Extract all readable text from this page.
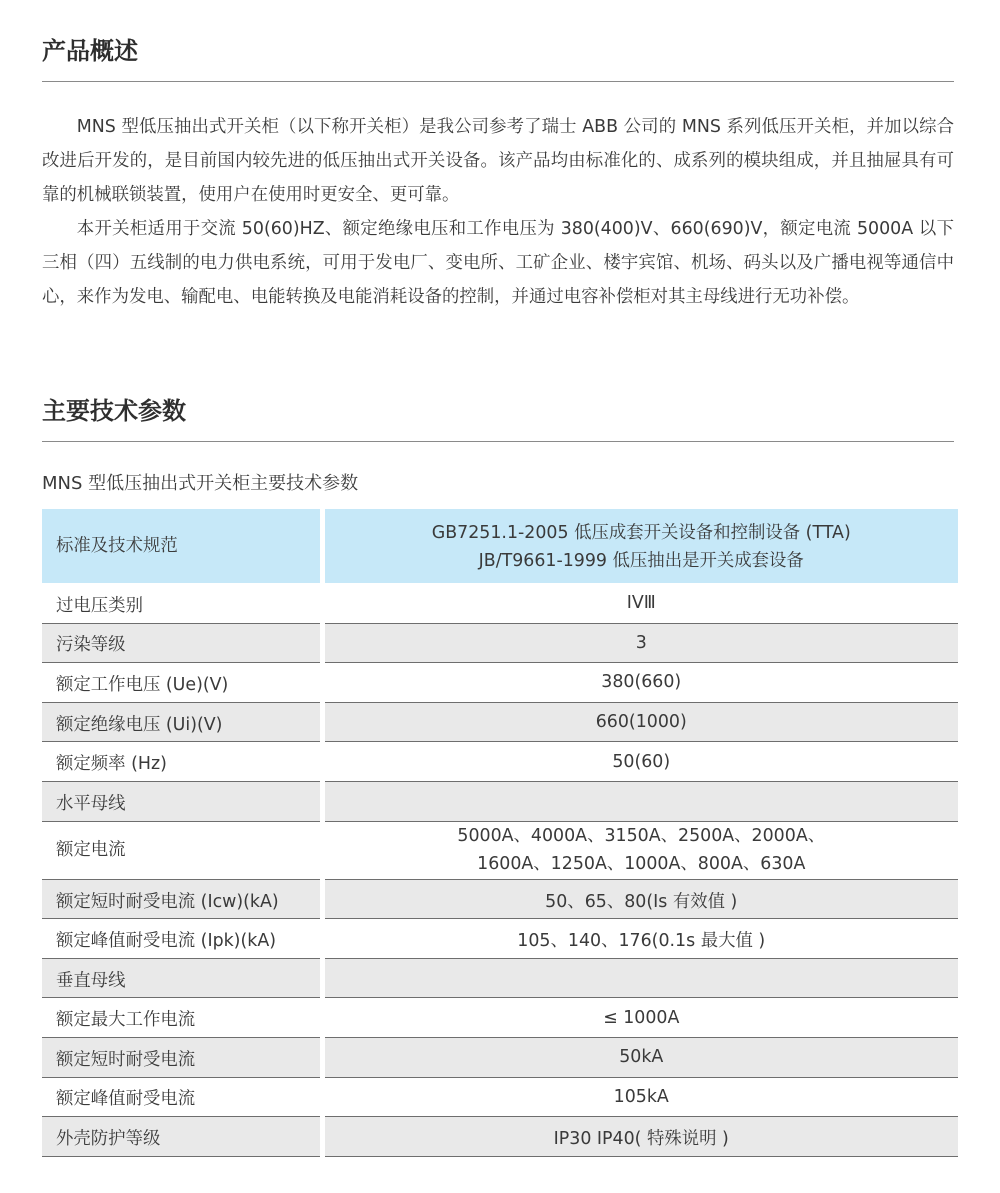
产品概述

MNS 型低压抽出式开关柜（以下称开关柜）是我公司参考了瑞士 ABB 公司的 MNS 系列低压开关柜，并加以综合改进后开发的，是目前国内较先进的低压抽出式开关设备。该产品均由标准化的、成系列的模块组成，并且抽屉具有可靠的机械联锁装置，使用户在使用时更安全、更可靠。

本开关柜适用于交流 50(60)HZ、额定绝缘电压和工作电压为 380(400)V、660(690)V，额定电流 5000A 以下三相（四）五线制的电力供电系统，可用于发电厂、变电所、工矿企业、楼宇宾馆、机场、码头以及广播电视等通信中心，来作为发电、输配电、电能转换及电能消耗设备的控制，并通过电容补偿柜对其主母线进行无功补偿。

主要技术参数
MNS 型低压抽出式开关柜主要技术参数
标准及技术规范	GB7251.1-2005 低压成套开关设备和控制设备 (TTA)
JB/T9661-1999 低压抽出是开关成套设备

过电压类别	IVⅢ
污染等级	3
额定工作电压 (Ue)(V)	380(660)
额定绝缘电压 (Ui)(V)	660(1000)
额定频率 (Hz)	50(60)
水平母线	
额定电流	5000A、4000A、3150A、2500A、2000A、
1600A、1250A、1000A、800A、630A

额定短时耐受电流 (Icw)(kA)	50、65、80(Is 有效值 )
额定峰值耐受电流 (Ipk)(kA)	105、140、176(0.1s 最大值 )
垂直母线	
额定最大工作电流	≤ 1000A
额定短时耐受电流	50kA
额定峰值耐受电流	105kA
外壳防护等级	IP30 IP40( 特殊说明 )
